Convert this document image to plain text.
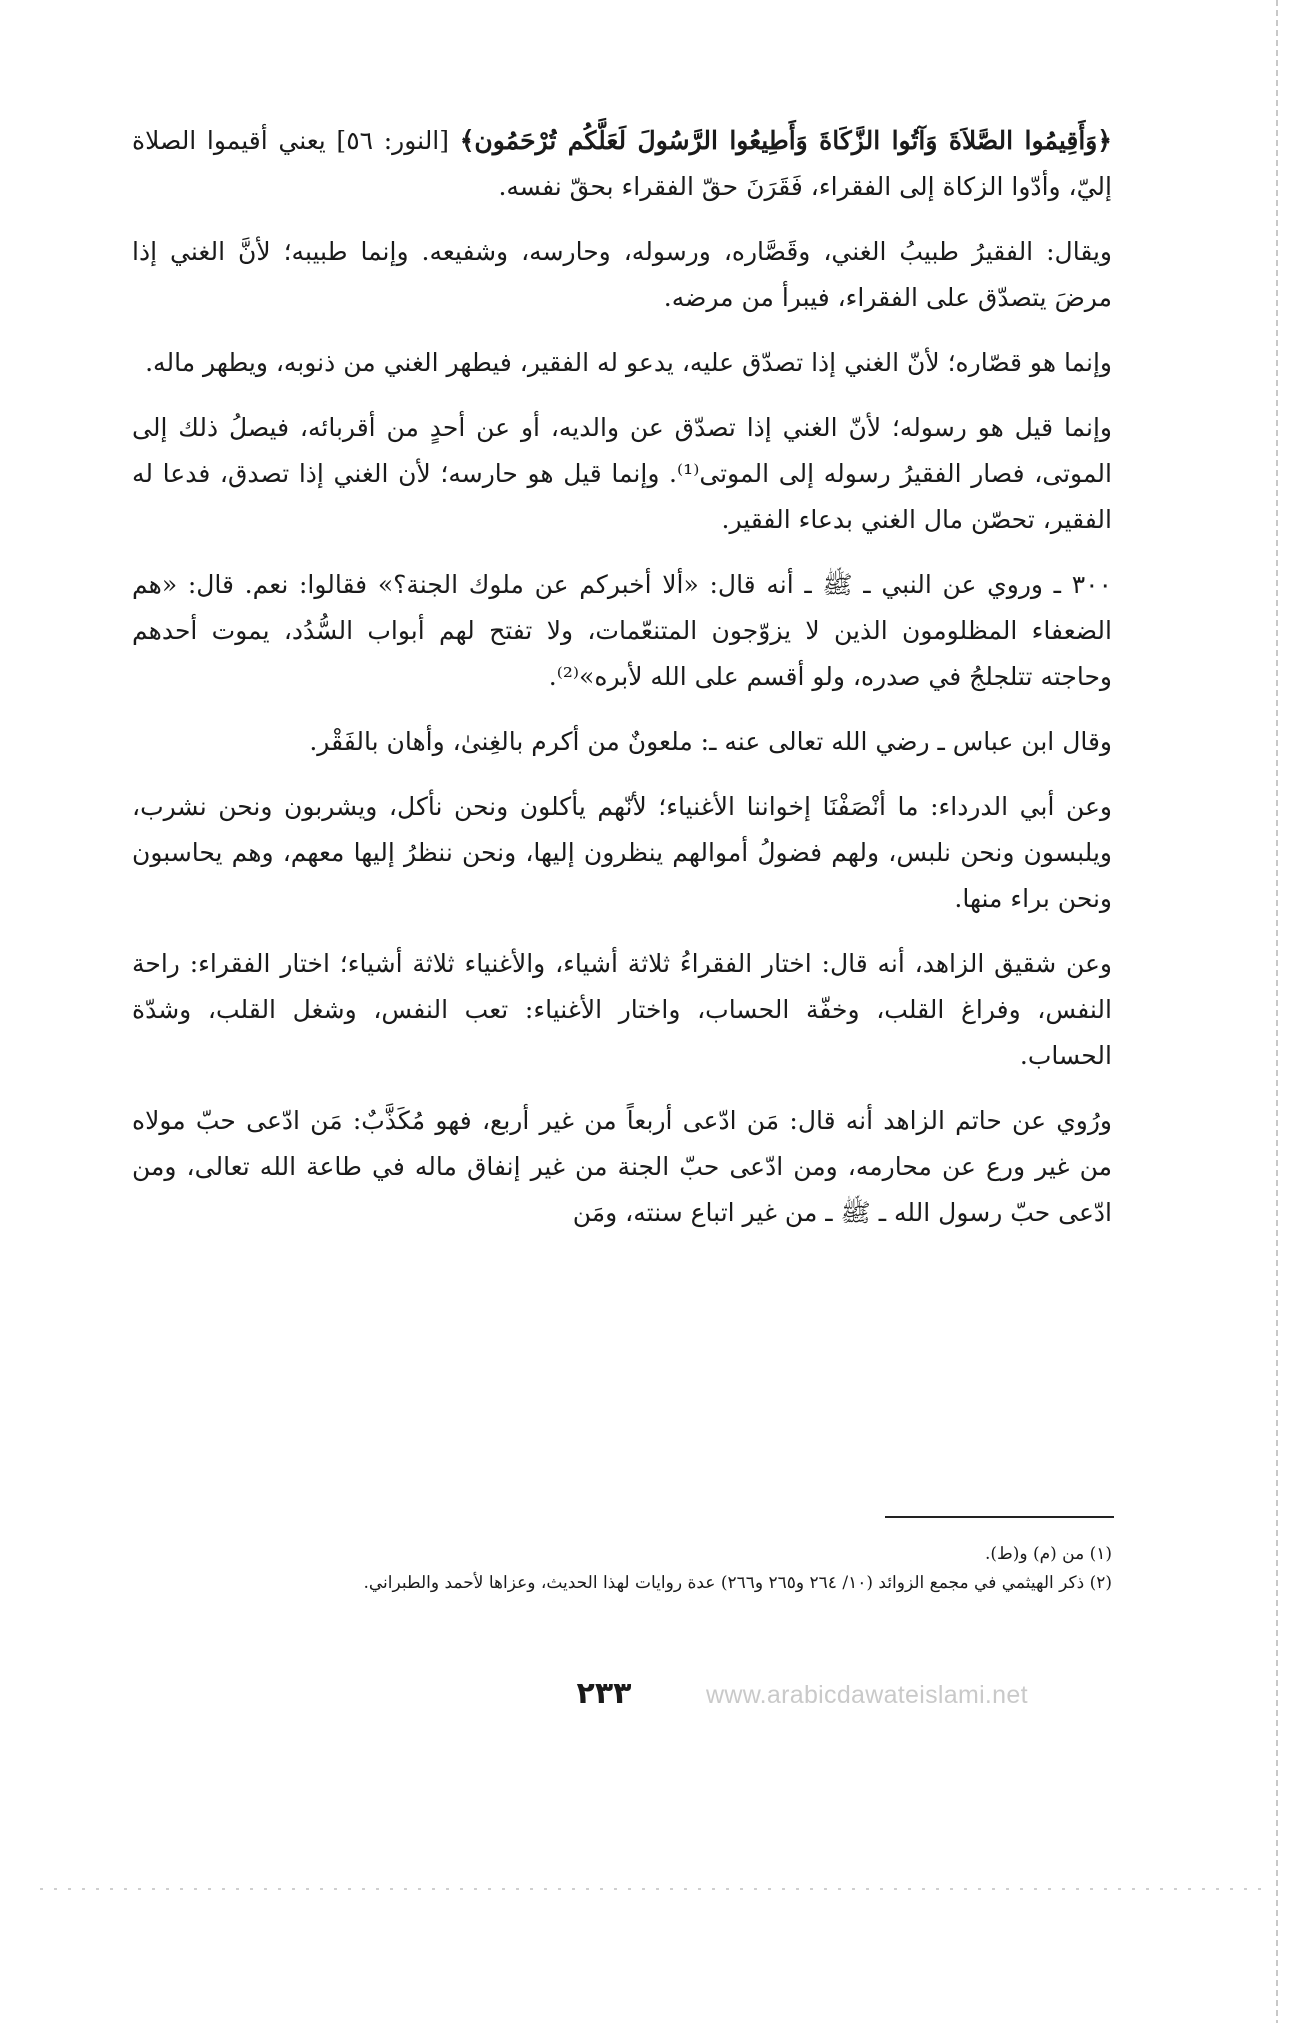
﴿وَأَقِيمُوا الصَّلاَةَ وَآتُوا الزَّكَاةَ وَأَطِيعُوا الرَّسُولَ لَعَلَّكُم تُرْحَمُون﴾ [النور: ٥٦] يعني أقيموا الصلاة إليّ، وأدّوا الزكاة إلى الفقراء، فَقَرَنَ حقّ الفقراء بحقّ نفسه.

ويقال: الفقيرُ طبيبُ الغني، وقَصَّاره، ورسوله، وحارسه، وشفيعه. وإنما طبيبه؛ لأنَّ الغني إذا مرضَ يتصدّق على الفقراء، فيبرأ من مرضه.

وإنما هو قصّاره؛ لأنّ الغني إذا تصدّق عليه، يدعو له الفقير، فيطهر الغني من ذنوبه، ويطهر ماله.

وإنما قيل هو رسوله؛ لأنّ الغني إذا تصدّق عن والديه، أو عن أحدٍ من أقربائه، فيصلُ ذلك إلى الموتى، فصار الفقيرُ رسوله إلى الموتى⁽¹⁾. وإنما قيل هو حارسه؛ لأن الغني إذا تصدق، فدعا له الفقير، تحصّن مال الغني بدعاء الفقير.

٣٠٠ ـ وروي عن النبي ـ ﷺ ـ أنه قال: «ألا أخبركم عن ملوك الجنة؟» فقالوا: نعم. قال: «هم الضعفاء المظلومون الذين لا يزوّجون المتنعّمات، ولا تفتح لهم أبواب السُّدُد، يموت أحدهم وحاجته تتلجلجُ في صدره، ولو أقسم على الله لأبره»⁽²⁾.

وقال ابن عباس ـ رضي الله تعالى عنه ـ: ملعونٌ من أكرم بالغِنىٰ، وأهان بالفَقْر.

وعن أبي الدرداء: ما أنْصَفْنَا إخواننا الأغنياء؛ لأنّهم يأكلون ونحن نأكل، ويشربون ونحن نشرب، ويلبسون ونحن نلبس، ولهم فضولُ أموالهم ينظرون إليها، ونحن ننظرُ إليها معهم، وهم يحاسبون ونحن براء منها.

وعن شقيق الزاهد، أنه قال: اختار الفقراءُ ثلاثة أشياء، والأغنياء ثلاثة أشياء؛ اختار الفقراء: راحة النفس، وفراغ القلب، وخفّة الحساب، واختار الأغنياء: تعب النفس، وشغل القلب، وشدّة الحساب.

ورُوي عن حاتم الزاهد أنه قال: مَن ادّعى أربعاً من غير أربع، فهو مُكَذَّبٌ: مَن ادّعى حبّ مولاه من غير ورع عن محارمه، ومن ادّعى حبّ الجنة من غير إنفاق ماله في طاعة الله تعالى، ومن ادّعى حبّ رسول الله ـ ﷺ ـ من غير اتباع سنته، ومَن

(١) من (م) و(ط).

(٢) ذكر الهيثمي في مجمع الزوائد (١٠/ ٢٦٤ و٢٦٥ و٢٦٦) عدة روايات لهذا الحديث، وعزاها لأحمد والطبراني.

٢٣٣	www.arabicdawateislami.net
